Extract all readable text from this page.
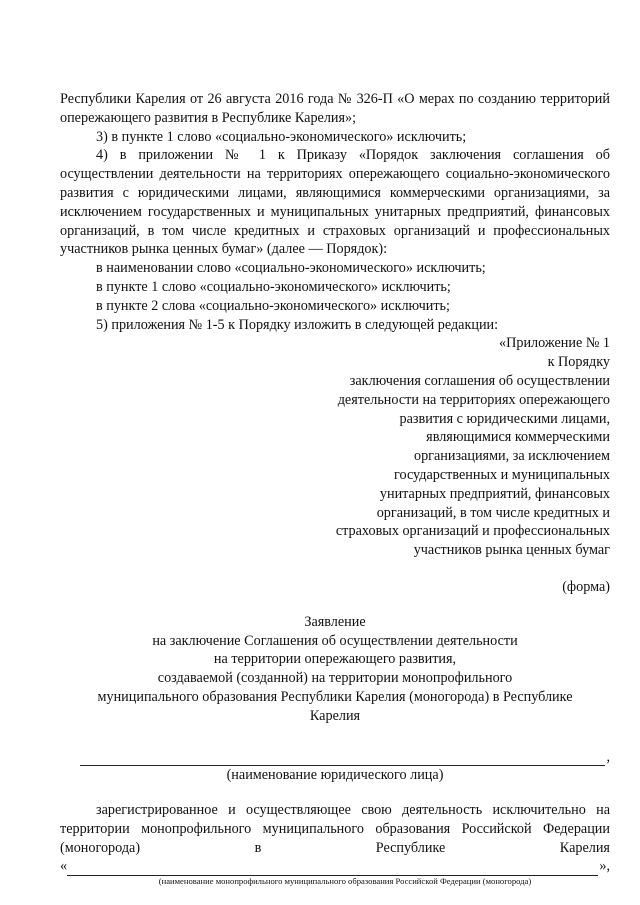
Республики Карелия от 26 августа 2016 года № 326-П «О мерах по созданию территорий опережающего развития в Республике Карелия»;

3) в пункте 1 слово «социально-экономического» исключить;

4) в приложении № 1 к Приказу «Порядок заключения соглашения об осуществлении деятельности на территориях опережающего социально-экономического развития с юридическими лицами, являющимися коммерческими организациями, за исключением государственных и муниципальных унитарных предприятий, финансовых организаций, в том числе кредитных и страховых организаций и профессиональных участников рынка ценных бумаг» (далее — Порядок):

в наименовании слово «социально-экономического» исключить;

в пункте 1 слово «социально-экономического» исключить;

в пункте 2 слова «социально-экономического» исключить;

5) приложения № 1-5 к Порядку изложить в следующей редакции:

«Приложение № 1

к Порядку

заключения соглашения об осуществлении

деятельности на территориях опережающего

развития с юридическими лицами,

являющимися коммерческими

организациями, за исключением

государственных и муниципальных

унитарных предприятий, финансовых

организаций, в том числе кредитных и

страховых организаций и профессиональных

участников рынка ценных бумаг

(форма)

Заявление

на заключение Соглашения об осуществлении деятельности

на территории опережающего развития,

создаваемой (созданной) на территории монопрофильного

муниципального образования Республики Карелия (моногорода) в Республике

Карелия

,

(наименование юридического лица)

зарегистрированное и осуществляющее свою деятельность исключительно на

территории монопрофильного муниципального образования Российской Федерации

(моногорода)	в	Республике	Карелия
«	»,

(наименование монопрофильного муниципального образования Российской Федерации (моногорода)
